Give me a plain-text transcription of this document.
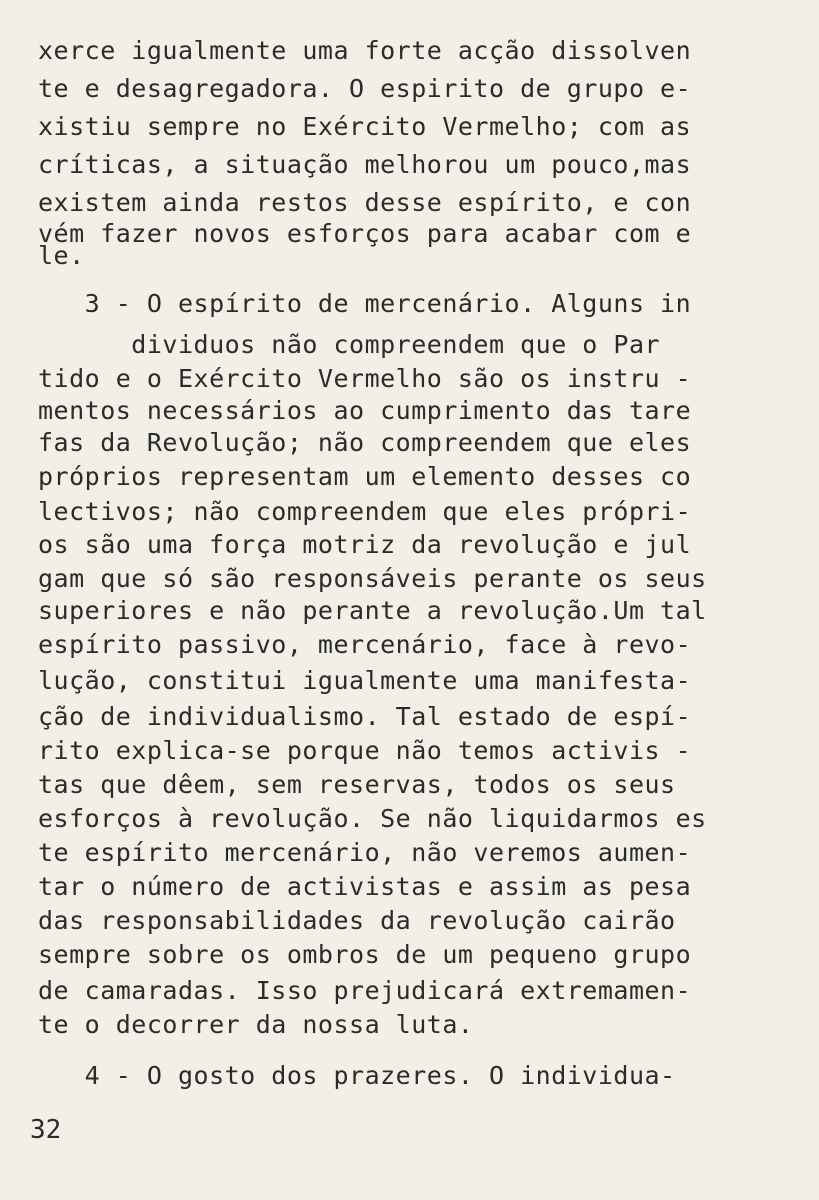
xerce igualmente uma forte acção dissolven
te e desagregadora. O espirito de grupo e-
xistiu sempre no Exército Vermelho; com as
críticas, a situação melhorou um pouco,mas
existem ainda restos desse espírito, e con
vém fazer novos esforços para acabar com e
le.
3 - O espírito de mercenário. Alguns in
dividuos não compreendem que o Par
tido e o Exército Vermelho são os instru -
mentos necessários ao cumprimento das tare
fas da Revolução; não compreendem que eles
próprios representam um elemento desses co
lectivos; não compreendem que eles própri-
os são uma força motriz da revolução e jul
gam que só são responsáveis perante os seus
superiores e não perante a revolução.Um tal
espírito passivo, mercenário, face à revo-
lução, constitui igualmente uma manifesta-
ção de individualismo. Tal estado de espí-
rito explica-se porque não temos activis -
tas que dêem, sem reservas, todos os seus
esforços à revolução. Se não liquidarmos es
te espírito mercenário, não veremos aumen-
tar o número de activistas e assim as pesa
das responsabilidades da revolução cairão
sempre sobre os ombros de um pequeno grupo
de camaradas. Isso prejudicará extremamen-
te o decorrer da nossa luta.
4 - O gosto dos prazeres. O individua-
32
